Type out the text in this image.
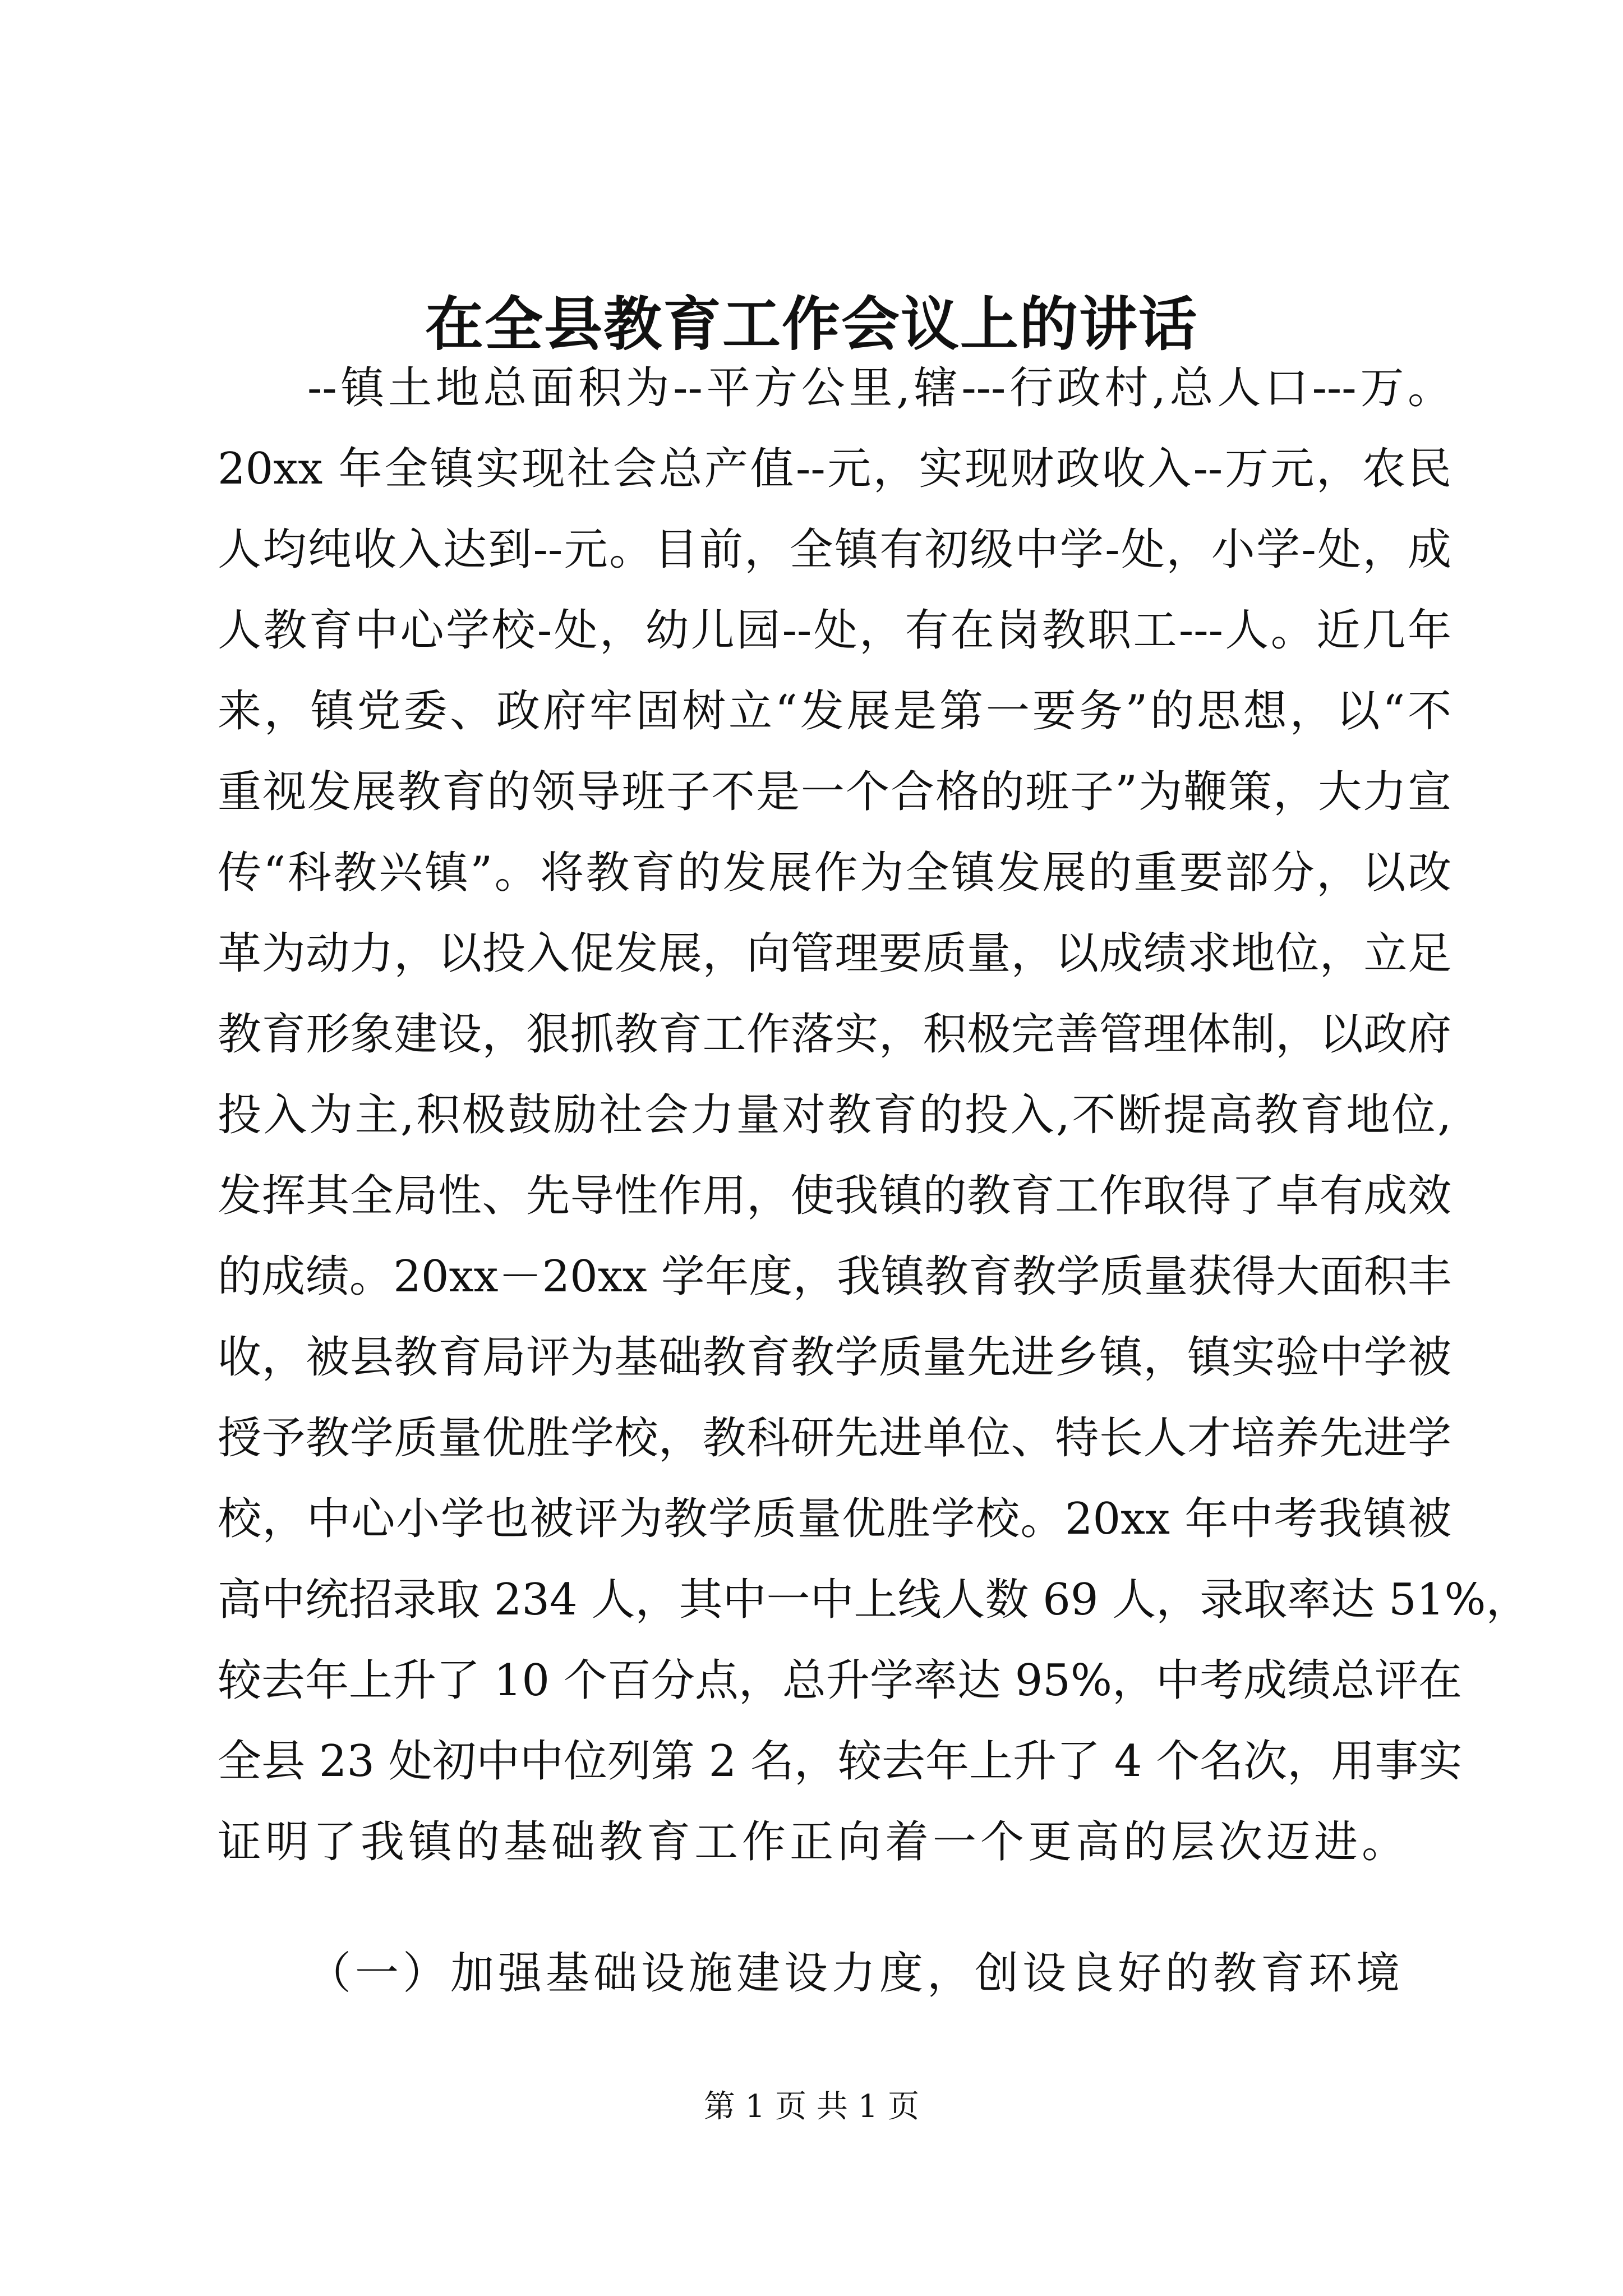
在全县教育工作会议上的讲话
--镇土地总面积为--平方公里,辖---行政村,总人口---万。
20xx 年全镇实现社会总产值--元，实现财政收入--万元，农民
人均纯收入达到--元。目前，全镇有初级中学-处，小学-处，成
人教育中心学校-处，幼儿园--处，有在岗教职工---人。近几年
来，镇党委、政府牢固树立“发展是第一要务”的思想，以“不
重视发展教育的领导班子不是一个合格的班子”为鞭策，大力宣
传“科教兴镇”。将教育的发展作为全镇发展的重要部分，以改
革为动力，以投入促发展，向管理要质量，以成绩求地位，立足
教育形象建设，狠抓教育工作落实，积极完善管理体制，以政府
投入为主,积极鼓励社会力量对教育的投入,不断提高教育地位,
发挥其全局性、先导性作用，使我镇的教育工作取得了卓有成效
的成绩。20xx－20xx 学年度，我镇教育教学质量获得大面积丰
收，被县教育局评为基础教育教学质量先进乡镇，镇实验中学被
授予教学质量优胜学校，教科研先进单位、特长人才培养先进学
校，中心小学也被评为教学质量优胜学校。20xx 年中考我镇被
高中统招录取 234 人，其中一中上线人数 69 人，录取率达 51%，
较去年上升了 10 个百分点，总升学率达 95%，中考成绩总评在
全县 23 处初中中位列第 2 名，较去年上升了 4 个名次，用事实
证明了我镇的基础教育工作正向着一个更高的层次迈进。
（一）加强基础设施建设力度，创设良好的教育环境
第 1 页 共 1 页
